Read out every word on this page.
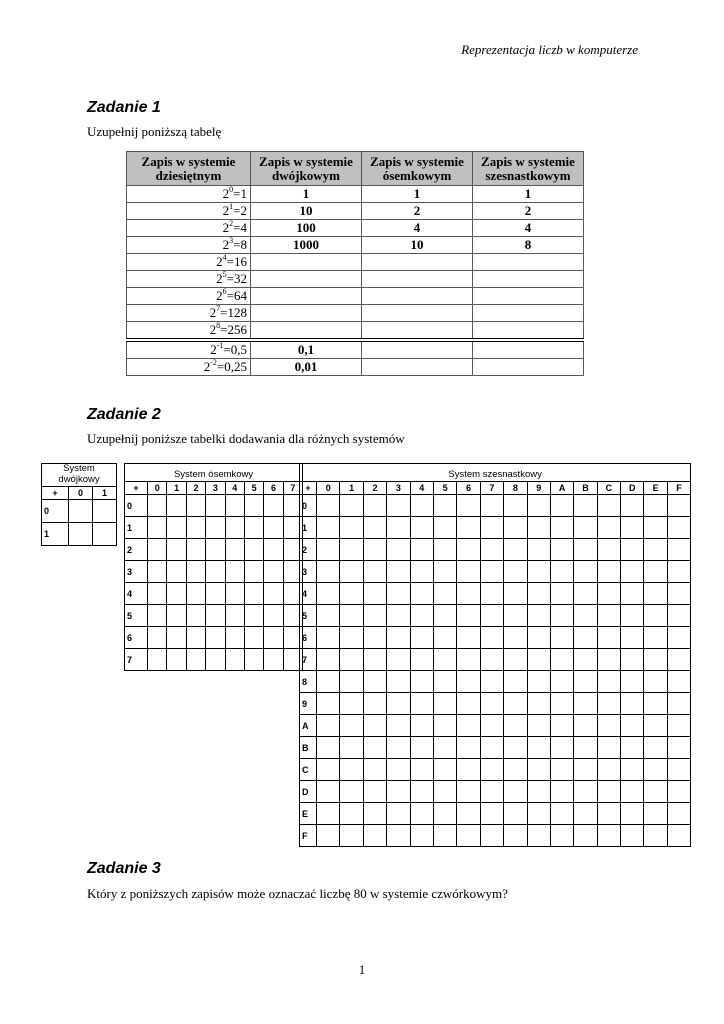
Reprezentacja liczb w komputerze
Zadanie 1
Uzupełnij poniższą tabelę
Zapis w systemie dziesiętnym	Zapis w systemie dwójkowym	Zapis w systemie ósemkowym	Zapis w systemie szesnastkowym
$2^0=1$	1	1	1
$2^1=2$	10	2	2
$2^2=4$	100	4	4
$2^3=8$	1000	10	8
$2^4=16$			
$2^5=32$			
$2^6=64$			
$2^7=128$			
$2^8=256$			
$2^{-1}=0,5$	0,1		
$2^{-2}=0,25$	0,01		
Zadanie 2
Uzupełnij poniższe tabelki dodawania dla różnych systemów
System dwójkowy		
+	0	1
0		
1		
System ósemkowy								
+	0	1	2	3	4	5	6	7
0								
1								
2								
3								
4								
5								
6								
7								
System szesnastkowy																
+	0	1	2	3	4	5	6	7	8	9	A	B	C	D	E	F
0																
1																
2																
3																
4																
5																
6																
7																
8																
9																
A																
B																
C																
D																
E																
F																
Zadanie 3
Który z poniższych zapisów może oznaczać liczbę 80 w systemie czwórkowym?
1
